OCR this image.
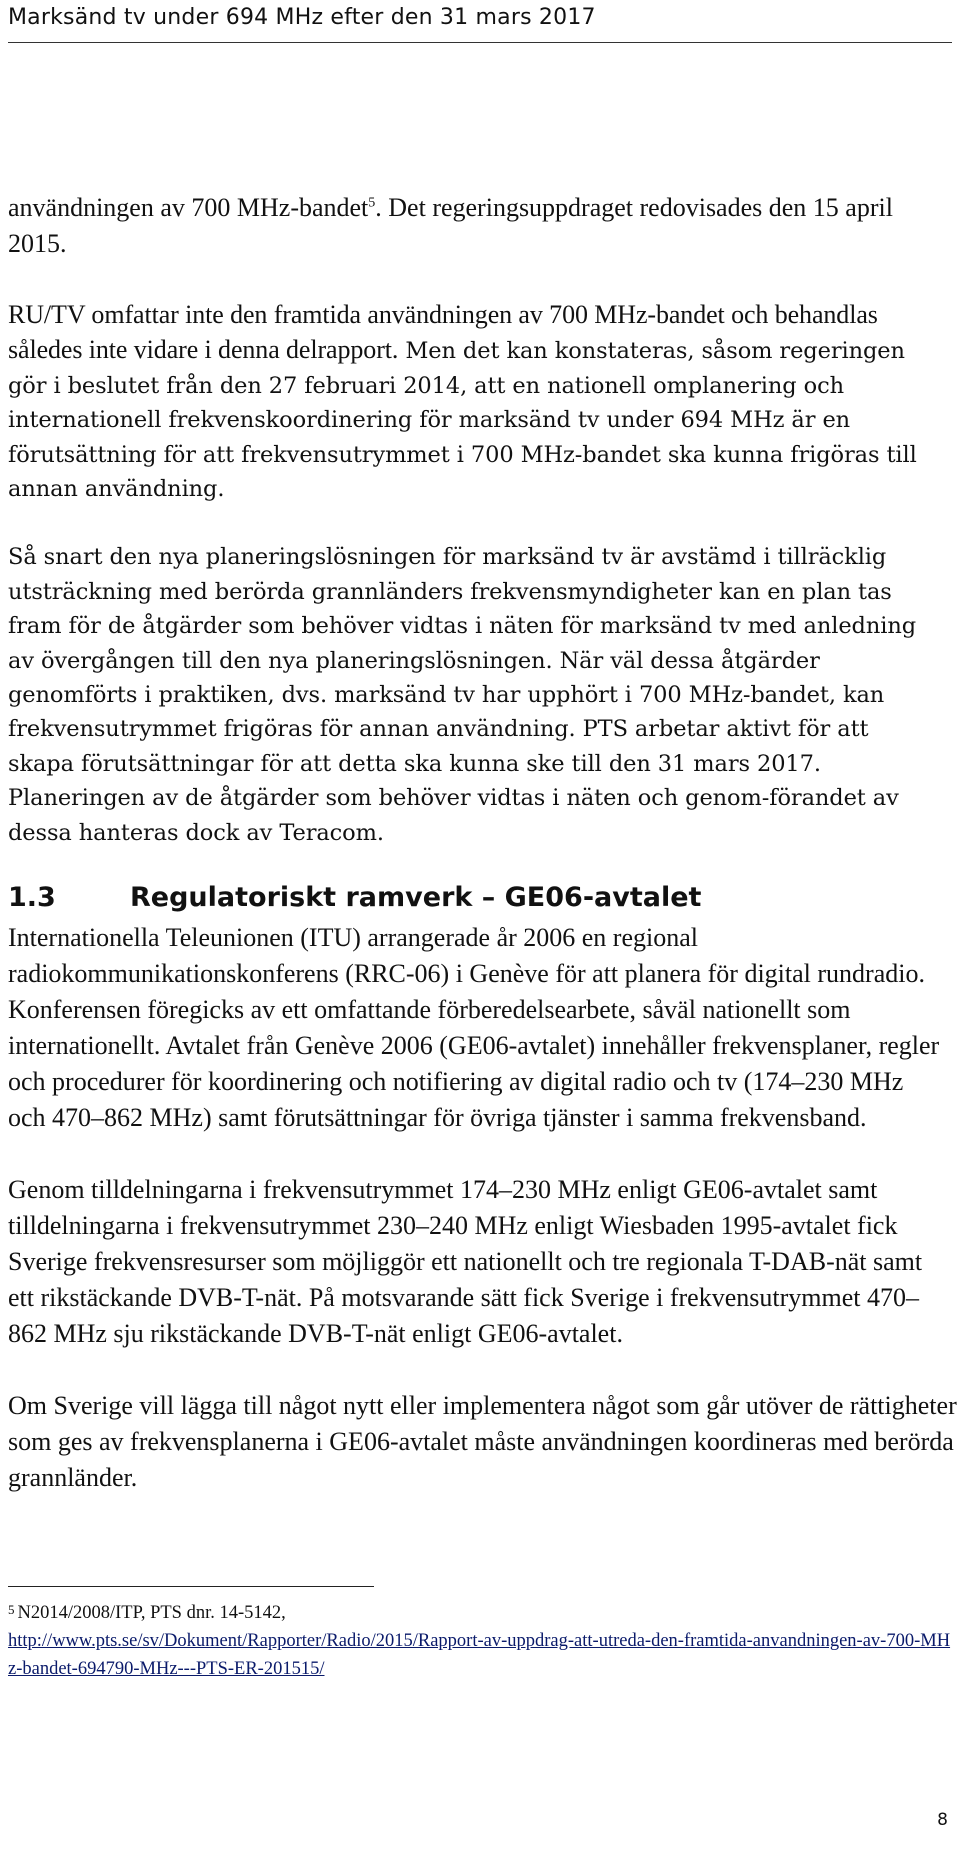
Marksänd tv under 694 MHz efter den 31 mars 2017

användningen av 700 MHz-bandet$^5$. Det regeringsuppdraget redovisades den 15 april 2015.

RU/TV omfattar inte den framtida användningen av 700 MHz-bandet och behandlas således inte vidare i denna delrapport. Men det kan konstateras, såsom regeringen gör i beslutet från den 27 februari 2014, att en nationell omplanering och internationell frekvenskoordinering för marksänd tv under 694 MHz är en förutsättning för att frekvensutrymmet i 700 MHz-bandet ska kunna frigöras till annan användning.

Så snart den nya planeringslösningen för marksänd tv är avstämd i tillräcklig utsträckning med berörda grannländers frekvensmyndigheter kan en plan tas fram för de åtgärder som behöver vidtas i näten för marksänd tv med anledning av övergången till den nya planeringslösningen. När väl dessa åtgärder genomförts i praktiken, dvs. marksänd tv har upphört i 700 MHz-bandet, kan frekvensutrymmet frigöras för annan användning. PTS arbetar aktivt för att skapa förutsättningar för att detta ska kunna ske till den 31 mars 2017. Planeringen av de åtgärder som behöver vidtas i näten och genom-förandet av dessa hanteras dock av Teracom.

1.3	Regulatoriskt ramverk – GE06-avtalet

Internationella Teleunionen (ITU) arrangerade år 2006 en regional radiokommunikationskonferens (RRC-06) i Genève för att planera för digital rundradio. Konferensen föregicks av ett omfattande förberedelsearbete, såväl nationellt som internationellt. Avtalet från Genève 2006 (GE06-avtalet) innehåller frekvensplaner, regler och procedurer för koordinering och notifiering av digital radio och tv (174–230 MHz och 470–862 MHz) samt förutsättningar för övriga tjänster i samma frekvensband.

Genom tilldelningarna i frekvensutrymmet 174–230 MHz enligt GE06-avtalet samt tilldelningarna i frekvensutrymmet 230–240 MHz enligt Wiesbaden 1995-avtalet fick Sverige frekvensresurser som möjliggör ett nationellt och tre regionala T-DAB-nät samt ett rikstäckande DVB-T-nät. På motsvarande sätt fick Sverige i frekvensutrymmet 470–862 MHz sju rikstäckande DVB-T-nät enligt GE06-avtalet.

Om Sverige vill lägga till något nytt eller implementera något som går utöver de rättigheter som ges av frekvensplanerna i GE06-avtalet måste användningen koordineras med berörda grannländer.

$^5$ N2014/2008/ITP, PTS dnr. 14-5142,
http://www.pts.se/sv/Dokument/Rapporter/Radio/2015/Rapport-av-uppdrag-att-utreda-den-framtida-anvandningen-av-700-MHz-bandet-694790-MHz---PTS-ER-201515/
8
